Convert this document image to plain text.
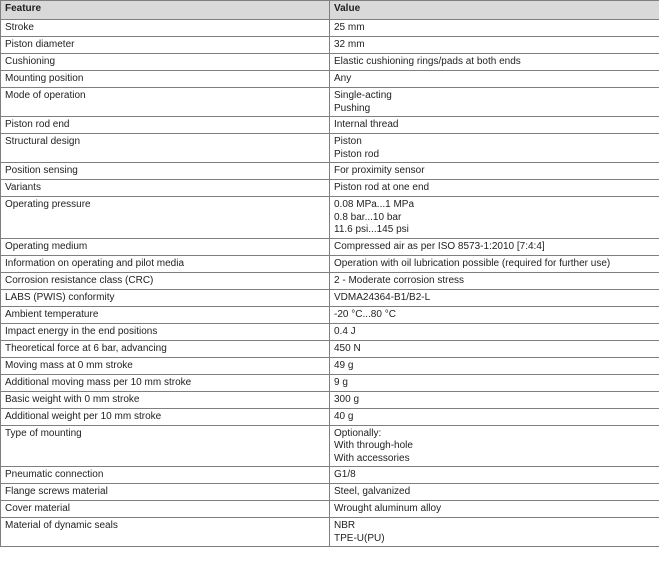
Feature	Value
Stroke	25 mm

Piston diameter	32 mm

Cushioning	Elastic cushioning rings/pads at both ends

Mounting position	Any

Mode of operation	Single-acting
Pushing

Piston rod end	Internal thread

Structural design	Piston
Piston rod

Position sensing	For proximity sensor

Variants	Piston rod at one end

Operating pressure	0.08 MPa...1 MPa
0.8 bar...10 bar
11.6 psi...145 psi

Operating medium	Compressed air as per ISO 8573-1:2010 [7:4:4]

Information on operating and pilot media	Operation with oil lubrication possible (required for further use)

Corrosion resistance class (CRC)	2 - Moderate corrosion stress

LABS (PWIS) conformity	VDMA24364-B1/B2-L

Ambient temperature	-20 °C...80 °C

Impact energy in the end positions	0.4 J

Theoretical force at 6 bar, advancing	450 N

Moving mass at 0 mm stroke	49 g

Additional moving mass per 10 mm stroke	9 g

Basic weight with 0 mm stroke	300 g

Additional weight per 10 mm stroke	40 g

Type of mounting	Optionally:
With through-hole
With accessories

Pneumatic connection	G1/8

Flange screws material	Steel, galvanized

Cover material	Wrought aluminum alloy

Material of dynamic seals	NBR
TPE-U(PU)
